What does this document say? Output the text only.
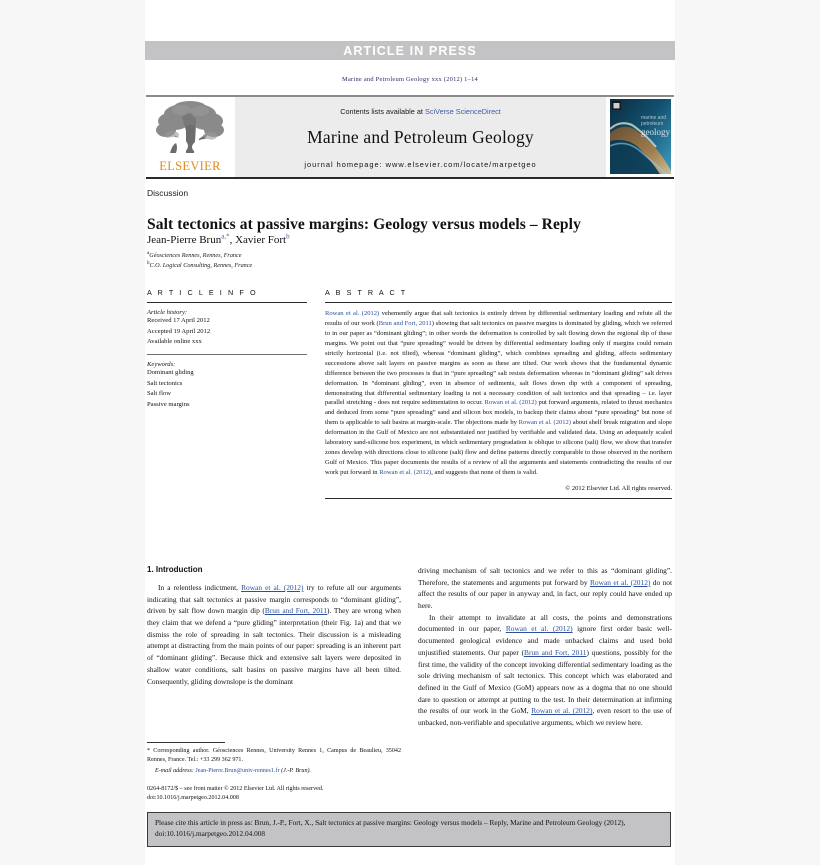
ARTICLE IN PRESS
Marine and Petroleum Geology xxx (2012) 1–14
ELSEVIER
Contents lists available at SciVerse ScienceDirect
Marine and Petroleum Geology
journal homepage: www.elsevier.com/locate/marpetgeo
marine and
petroleum
geology
Discussion
Salt tectonics at passive margins: Geology versus models – Reply
Jean-Pierre Brun$^{a,*}$, Xavier Fort$^b$
$^a$Géosciences Rennes, Rennes, France
$^b$C.O. Logical Consulting, Rennes, France
A R T I C L E I N F O
Article history:
Received 17 April 2012
Accepted 19 April 2012
Available online xxx
Keywords:
Dominant gliding
Salt tectonics
Salt flow
Passive margins
A B S T R A C T
Rowan et al. (2012) vehemently argue that salt tectonics is entirely driven by differential sedimentary loading and refute all the results of our work (Brun and Fort, 2011) showing that salt tectonics on passive margins is dominated by gliding, which we referred to in our paper as “dominant gliding”; in other words the deformation is controlled by salt flowing down the regional dip of these margins. We point out that “pure spreading” would be driven by differential sedimentary loading only if margins could remain strictly horizontal (i.e. not tilted), whereas “dominant gliding”, which combines spreading and gliding, affects sedimentary successions above salt layers on passive margins as soon as these are tilted. Our work shows that the fundamental dynamic difference between the two processes is that in “pure spreading” salt resists deformation whereas in “dominant gliding” salt drives deformation. In “dominant gliding”, even in absence of sediments, salt flows down dip with a component of spreading, demonstrating that differential sedimentary loading is not a necessary condition of salt tectonics and that spreading – i.e. layer parallel stretching - does not require sedimentation to occur. Rowan et al. (2012) put forward arguments, related to thrust mechanics and deduced from some “pure spreading” sand and silicon box models, to backup their claims about “pure spreading” but none of them is applicable to salt basins at margin-scale. The objections made by Rowan et al. (2012) about shelf break migration and slope deformation in the Gulf of Mexico are not substantiated nor justified by verifiable and validated data. Using an adequately scaled laboratory sand-silicone box experiment, in which sedimentary progradation is oblique to silicone (salt) flow, we show that transfer zones develop with directions close to silicone (salt) flow and define patterns directly comparable to those observed in the northern Gulf of Mexico. This paper documents the results of a review of all the arguments and statements contradicting the results of our work put forward in Rowan et al. (2012), and suggests that none of them is valid.
© 2012 Elsevier Ltd. All rights reserved.
1. Introduction

In a relentless indictment, Rowan et al. (2012) try to refute all our arguments indicating that salt tectonics at passive margin corresponds to “dominant gliding”, driven by salt flow down margin dip (Brun and Fort, 2011). They are wrong when they claim that we defend a “pure gliding” interpretation (their Fig. 1a) and that we dismiss the role of spreading in salt tectonics. Their discussion is a misleading attempt at distracting from the main points of our paper: spreading is an inherent part of “dominant gliding”. Because thick and extensive salt layers were deposited in shallow water conditions, salt basins on passive margins have all been tilted. Consequently, gliding downslope is the dominant

driving mechanism of salt tectonics and we refer to this as “dominant gliding”. Therefore, the statements and arguments put forward by Rowan et al. (2012) do not affect the results of our paper in anyway and, in fact, our reply could have ended up here.

In their attempt to invalidate at all costs, the points and demonstrations documented in our paper, Rowan et al. (2012) ignore first order basic well-documented geological evidence and made unbacked claims and used bold unjustified statements. Our paper (Brun and Fort, 2011) questions, possibly for the first time, the validity of the concept invoking differential sedimentary loading as the sole driving mechanism of salt tectonics. This concept which was elaborated and defined in the Gulf of Mexico (GoM) appears now as a dogma that no one should dare to question or attempt at putting to the test. In their determination at infirming the results of our work in the GoM, Rowan et al. (2012), even resort to the use of unbacked, non-verifiable and speculative arguments, which we review here.

* Corresponding author. Géosciences Rennes, University Rennes 1, Campus de Beaulieu, 35042 Rennes, France. Tel.: +33 299 362 971.
E-mail address: Jean-Pierre.Brun@univ-rennes1.fr (J.-P. Brun).
0264-8172/$ – see front matter © 2012 Elsevier Ltd. All rights reserved.
doi:10.1016/j.marpetgeo.2012.04.008
Please cite this article in press as: Brun, J.-P., Fort, X., Salt tectonics at passive margins: Geology versus models – Reply, Marine and Petroleum Geology (2012), doi:10.1016/j.marpetgeo.2012.04.008
